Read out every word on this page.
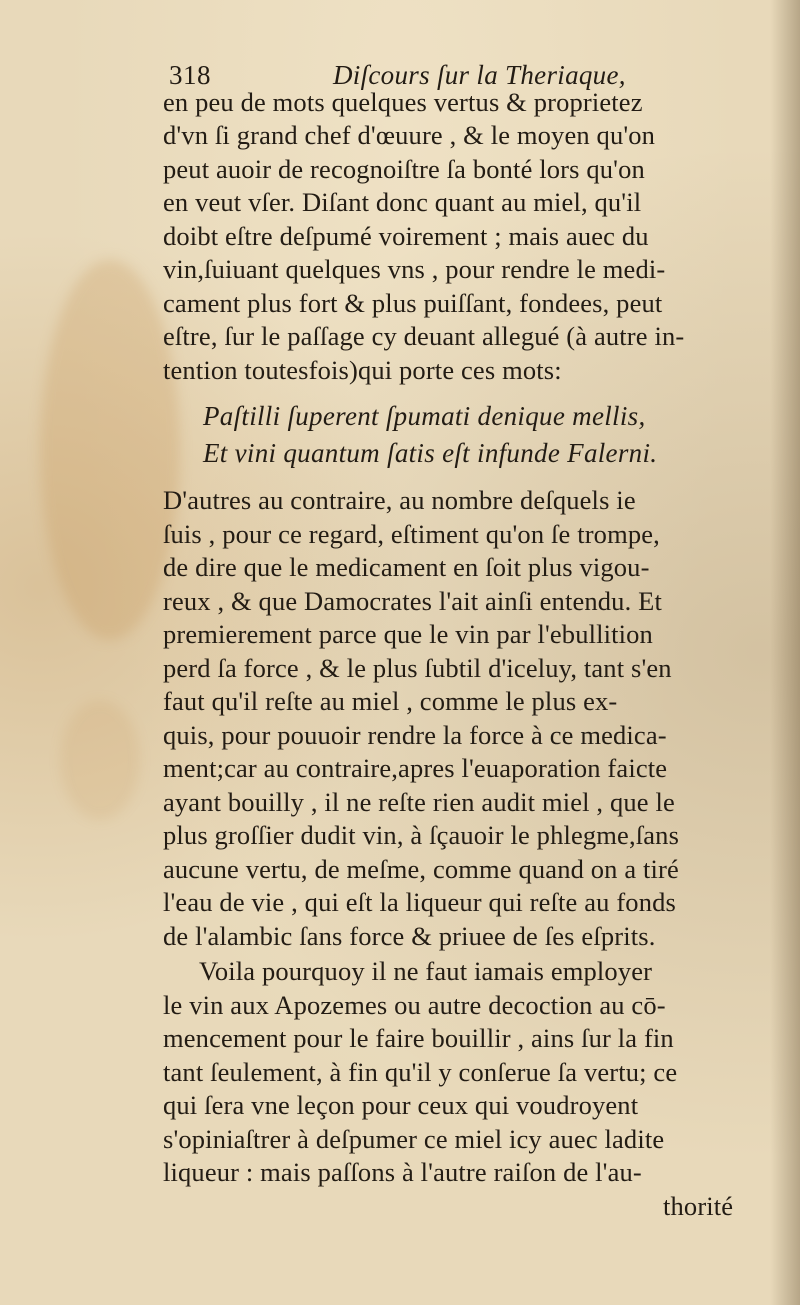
318	Diſcours ſur la Theriaque,
en peu de mots quelques vertus & proprietez
d'vn ſi grand chef d'œuure , & le moyen qu'on
peut auoir de recognoiſtre ſa bonté lors qu'on
en veut vſer. Diſant donc quant au miel, qu'il
doibt eſtre deſpumé voirement ; mais auec du
vin,ſuiuant quelques vns , pour rendre le medi-
cament plus fort & plus puiſſant, fondees, peut
eſtre, ſur le paſſage cy deuant allegué (à autre in-
tention toutesfois)qui porte ces mots:
Paſtilli ſuperent ſpumati denique mellis,
Et vini quantum ſatis eſt infunde Falerni.
D'autres au contraire, au nombre deſquels ie
ſuis , pour ce regard, eſtiment qu'on ſe trompe,
de dire que le medicament en ſoit plus vigou-
reux , & que Damocrates l'ait ainſi entendu. Et
premierement parce que le vin par l'ebullition
perd ſa force , & le plus ſubtil d'iceluy, tant s'en
faut qu'il reſte au miel , comme le plus ex-
quis, pour pouuoir rendre la force à ce medica-
ment;car au contraire,apres l'euaporation faicte
ayant bouilly , il ne reſte rien audit miel , que le
plus groſſier dudit vin, à ſçauoir le phlegme,ſans
aucune vertu, de meſme, comme quand on a tiré
l'eau de vie , qui eſt la liqueur qui reſte au fonds
de l'alambic ſans force & priuee de ſes eſprits.
Voila pourquoy il ne faut iamais employer
le vin aux Apozemes ou autre decoction au cō-
mencement pour le faire bouillir , ains ſur la fin
tant ſeulement, à fin qu'il y conſerue ſa vertu; ce
qui ſera vne leçon pour ceux qui voudroyent
s'opiniaſtrer à deſpumer ce miel icy auec ladite
liqueur : mais paſſons à l'autre raiſon de l'au-
thorité
